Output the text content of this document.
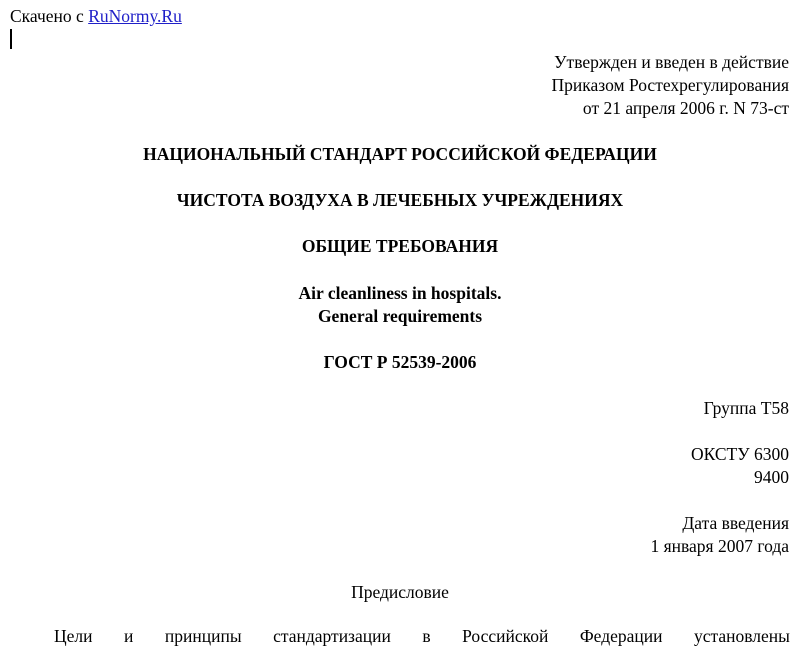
Скачено с RuNormy.Ru
Утвержден и введен в действие
Приказом Ростехрегулирования
от 21 апреля 2006 г. N 73-ст
НАЦИОНАЛЬНЫЙ СТАНДАРТ РОССИЙСКОЙ ФЕДЕРАЦИИ
ЧИСТОТА ВОЗДУХА В ЛЕЧЕБНЫХ УЧРЕЖДЕНИЯХ
ОБЩИЕ ТРЕБОВАНИЯ
Air cleanliness in hospitals.
General requirements
ГОСТ Р 52539-2006
Группа Т58
ОКСТУ 6300
9400
Дата введения
1 января 2007 года
Предисловие
Цели и принципы стандартизации в Российской Федерации установлены
